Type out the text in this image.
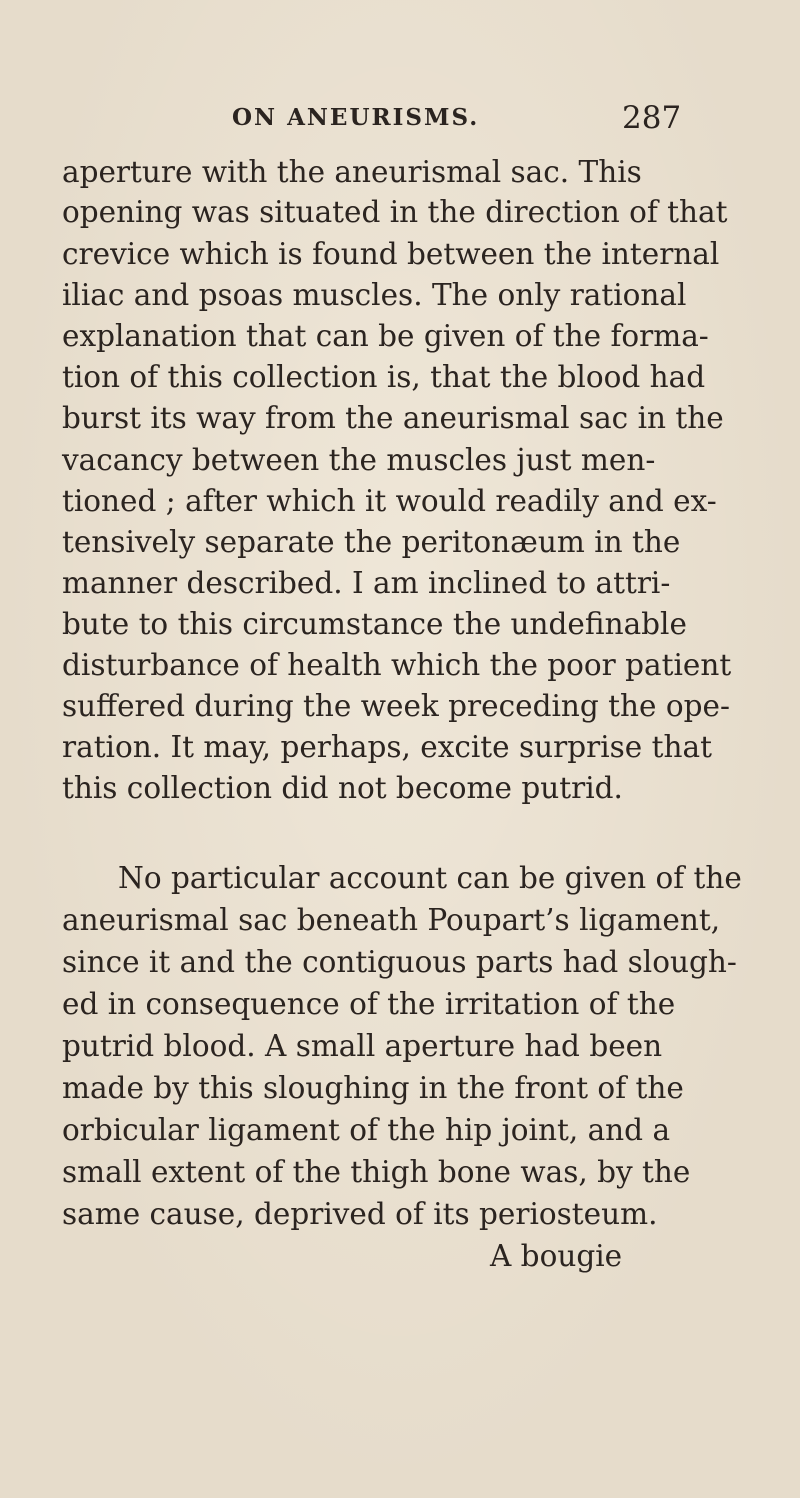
ON ANEURISMS.	287
aperture with the aneurismal sac. This
opening was situated in the direction of that
crevice which is found between the internal
iliac and psoas muscles. The only rational
explanation that can be given of the forma-
tion of this collection is, that the blood had
burst its way from the aneurismal sac in the
vacancy between the muscles just men-
tioned ; after which it would readily and ex-
tensively separate the peritonæum in the
manner described. I am inclined to attri-
bute to this circumstance the undefinable
disturbance of health which the poor patient
suffered during the week preceding the ope-
ration. It may, perhaps, excite surprise that
this collection did not become putrid.
No particular account can be given of the
aneurismal sac beneath Poupart’s ligament,
since it and the contiguous parts had slough-
ed in consequence of the irritation of the
putrid blood. A small aperture had been
made by this sloughing in the front of the
orbicular ligament of the hip joint, and a
small extent of the thigh bone was, by the
same cause, deprived of its periosteum.
A bougie
